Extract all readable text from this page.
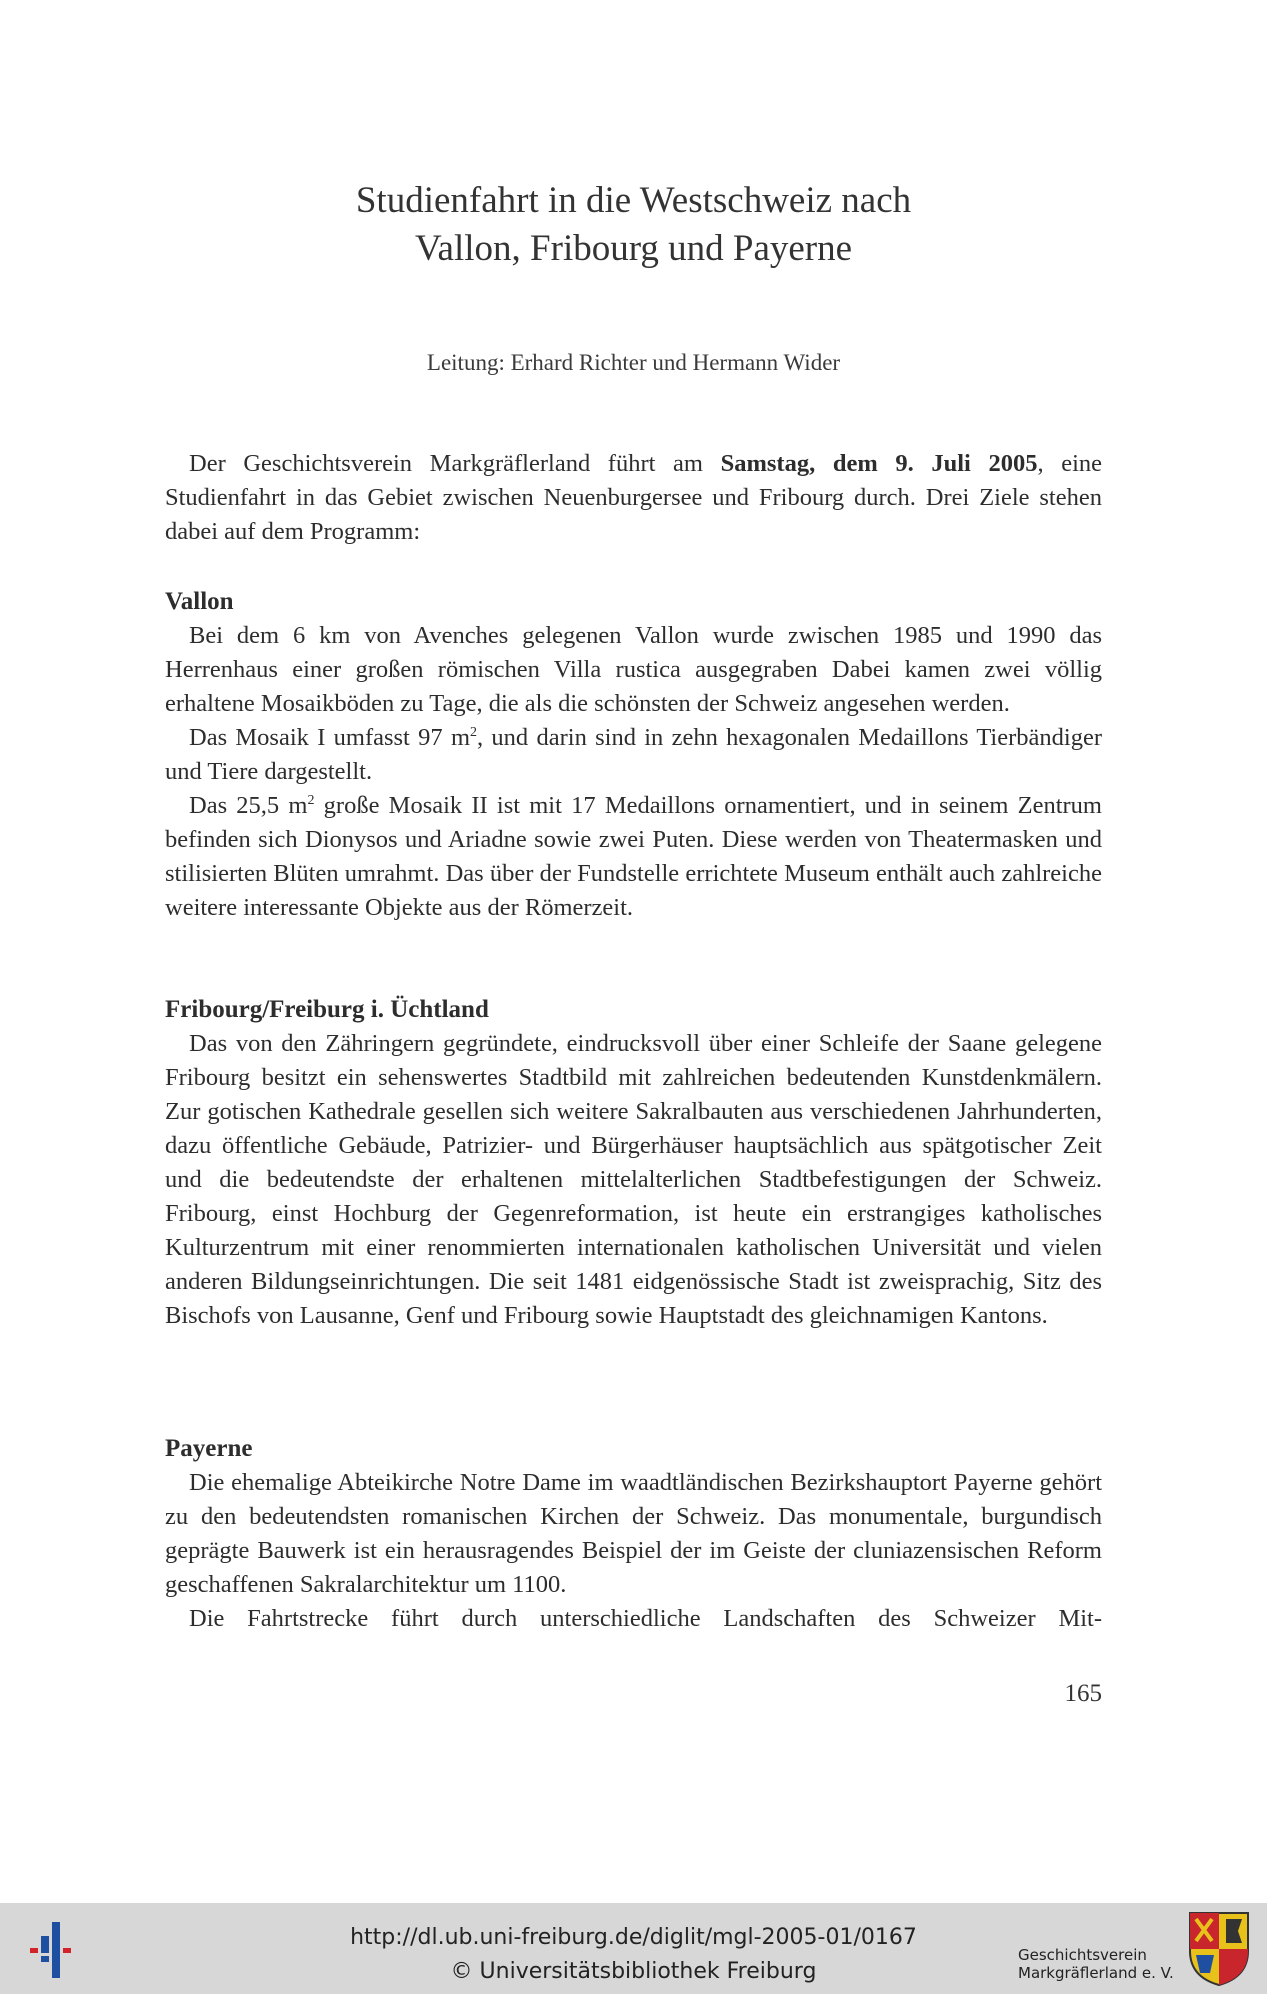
Studienfahrt in die Westschweiz nach
Vallon, Fribourg und Payerne
Leitung: Erhard Richter und Hermann Wider

Der Geschichtsverein Markgräflerland führt am Samstag, dem 9. Juli 2005, eine Studienfahrt in das Gebiet zwischen Neuenburgersee und Fribourg durch. Drei Ziele stehen dabei auf dem Programm:

Vallon

Bei dem 6 km von Avenches gelegenen Vallon wurde zwischen 1985 und 1990 das Herrenhaus einer großen römischen Villa rustica ausgegraben Dabei kamen zwei völlig erhaltene Mosaikböden zu Tage, die als die schönsten der Schweiz angesehen werden.

Das Mosaik I umfasst 97 $m^2$, und darin sind in zehn hexagonalen Medaillons Tierbändiger und Tiere dargestellt.

Das 25,5 $m^2$ große Mosaik II ist mit 17 Medaillons ornamentiert, und in seinem Zentrum befinden sich Dionysos und Ariadne sowie zwei Puten. Diese werden von Theatermasken und stilisierten Blüten umrahmt. Das über der Fundstelle errichtete Museum enthält auch zahlreiche weitere interessante Objekte aus der Römerzeit.

Fribourg/Freiburg i. Üchtland

Das von den Zähringern gegründete, eindrucksvoll über einer Schleife der Saane gelegene Fribourg besitzt ein sehenswertes Stadtbild mit zahlreichen bedeutenden Kunstdenkmälern. Zur gotischen Kathedrale gesellen sich weitere Sakralbauten aus verschiedenen Jahrhunderten, dazu öffentliche Gebäude, Patrizier- und Bürgerhäuser hauptsächlich aus spätgotischer Zeit und die bedeutendste der erhaltenen mittelalterlichen Stadtbefestigungen der Schweiz. Fribourg, einst Hochburg der Gegenreformation, ist heute ein erstrangiges katholisches Kulturzentrum mit einer renommierten internationalen katholischen Universität und vielen anderen Bildungseinrichtungen. Die seit 1481 eidgenössische Stadt ist zweisprachig, Sitz des Bischofs von Lausanne, Genf und Fribourg sowie Hauptstadt des gleichnamigen Kantons.

Payerne

Die ehemalige Abteikirche Notre Dame im waadtländischen Bezirkshauptort Payerne gehört zu den bedeutendsten romanischen Kirchen der Schweiz. Das monumentale, burgundisch geprägte Bauwerk ist ein herausragendes Beispiel der im Geiste der cluniazensischen Reform geschaffenen Sakralarchitektur um 1100.

Die Fahrtstrecke führt durch unterschiedliche Landschaften des Schweizer Mit-

165
http://dl.ub.uni-freiburg.de/diglit/mgl-2005-01/0167
© Universitätsbibliothek Freiburg
Geschichtsverein
Markgräflerland e. V.
